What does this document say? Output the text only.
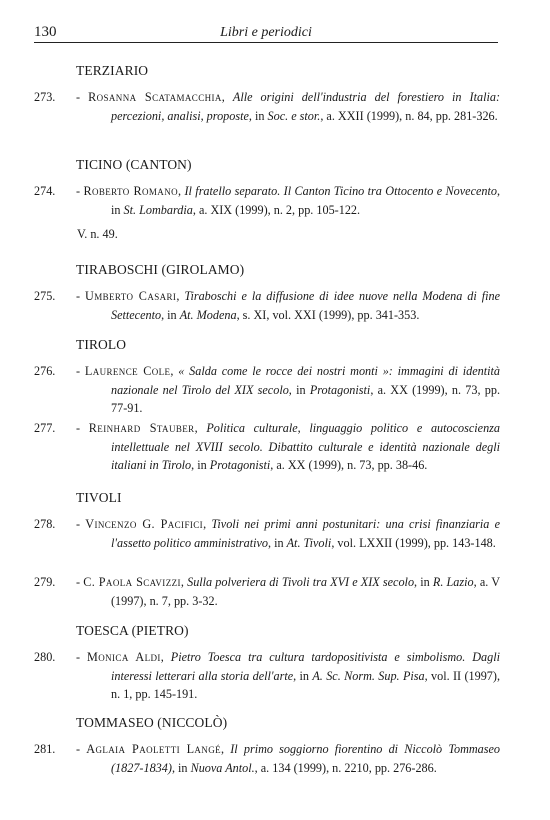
130	Libri e periodici
TERZIARIO
273.	- Rosanna Scatamacchia, Alle origini dell'industria del forestiero in Italia: percezioni, analisi, proposte, in Soc. e stor., a. XXII (1999), n. 84, pp. 281-326.
TICINO (CANTON)
274.	- Roberto Romano, Il fratello separato. Il Canton Ticino tra Ottocento e Novecento, in St. Lombardia, a. XIX (1999), n. 2, pp. 105-122.
V. n. 49.
TIRABOSCHI (GIROLAMO)
275.	- Umberto Casari, Tiraboschi e la diffusione di idee nuove nella Modena di fine Settecento, in At. Modena, s. XI, vol. XXI (1999), pp. 341-353.
TIROLO
276.	- Laurence Cole, « Salda come le rocce dei nostri monti »: immagini di identità nazionale nel Tirolo del XIX secolo, in Protagonisti, a. XX (1999), n. 73, pp. 77-91.
277.	- Reinhard Stauber, Politica culturale, linguaggio politico e autocoscienza intellettuale nel XVIII secolo. Dibattito culturale e identità nazionale degli italiani in Tirolo, in Protagonisti, a. XX (1999), n. 73, pp. 38-46.
TIVOLI
278.	- Vincenzo G. Pacifici, Tivoli nei primi anni postunitari: una crisi finanziaria e l'assetto politico amministrativo, in At. Tivoli, vol. LXXII (1999), pp. 143-148.
279.	- C. Paola Scavizzi, Sulla polveriera di Tivoli tra XVI e XIX secolo, in R. Lazio, a. V (1997), n. 7, pp. 3-32.
TOESCA (PIETRO)
280.	- Monica Aldi, Pietro Toesca tra cultura tardopositivista e simbolismo. Dagli interessi letterari alla storia dell'arte, in A. Sc. Norm. Sup. Pisa, vol. II (1997), n. 1, pp. 145-191.
TOMMASEO (NICCOLÒ)
281.	- Aglaia Paoletti Langé, Il primo soggiorno fiorentino di Niccolò Tommaseo (1827-1834), in Nuova Antol., a. 134 (1999), n. 2210, pp. 276-286.
